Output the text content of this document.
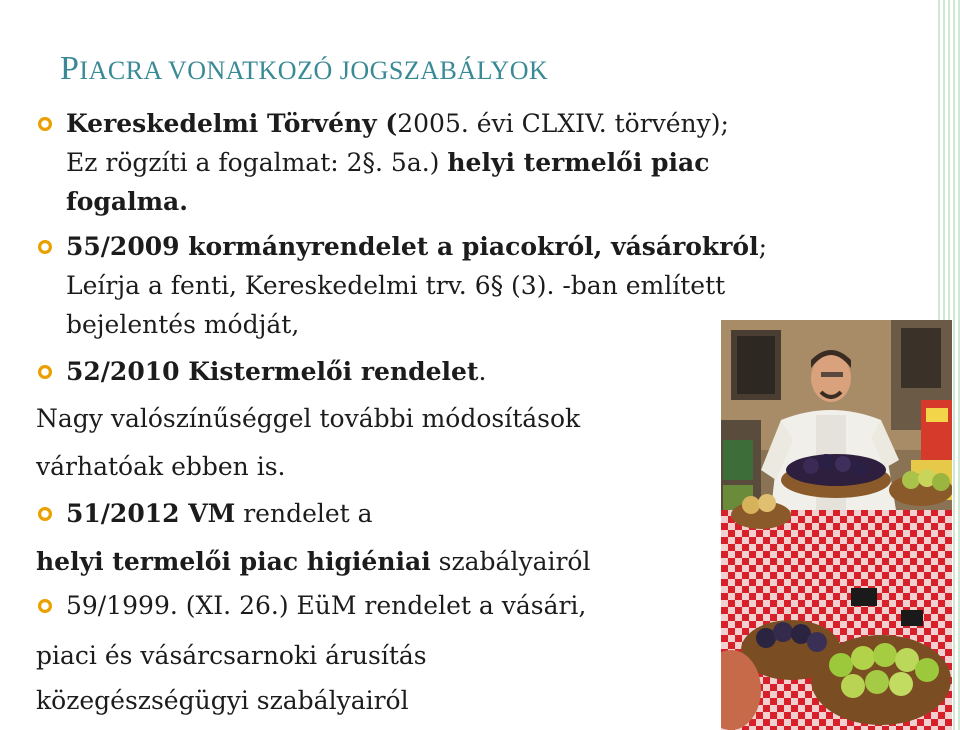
PIACRA VONATKOZÓ JOGSZABÁLYOK
Kereskedelmi Törvény (2005. évi CLXIV. törvény);
Ez rögzíti a fogalmat: 2§. 5a.) helyi termelői piac
fogalma.
55/2009 kormányrendelet a piacokról, vásárokról;
Leírja a fenti, Kereskedelmi trv. 6§ (3). -ban említett
bejelentés módját,
52/2010 Kistermelői rendelet.
Nagy valószínűséggel további módosítások
várhatóak ebben is.
51/2012 VM rendelet a
helyi termelői piac higiéniai szabályairól
59/1999. (XI. 26.) EüM rendelet a vásári,
piaci és vásárcsarnoki árusítás
közegészségügyi szabályairól
